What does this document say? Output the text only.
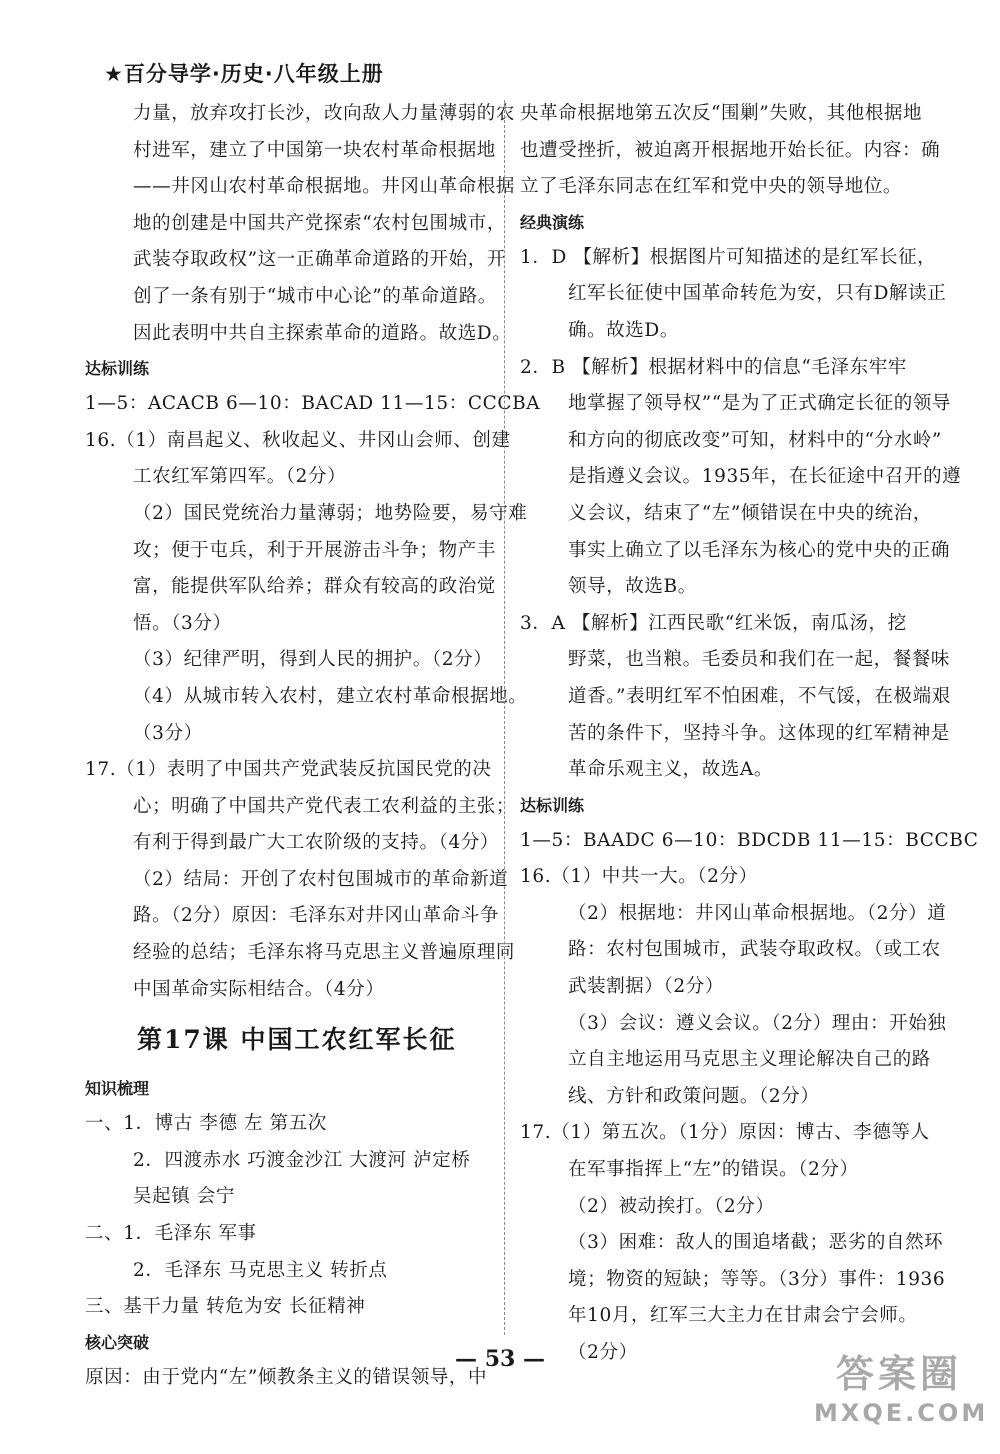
★百分导学·历史·八年级上册
力量，放弃攻打长沙，改向敌人力量薄弱的农
村进军，建立了中国第一块农村革命根据地
——井冈山农村革命根据地。井冈山革命根据
地的创建是中国共产党探索“农村包围城市，
武装夺取政权”这一正确革命道路的开始，开
创了一条有别于“城市中心论”的革命道路。
因此表明中共自主探索革命的道路。故选D。
达标训练
1—5：ACACB 6—10：BACAD 11—15：CCCBA
16.（1）南昌起义、秋收起义、井冈山会师、创建
工农红军第四军。（2分）
（2）国民党统治力量薄弱；地势险要，易守难
攻；便于屯兵，利于开展游击斗争；物产丰
富，能提供军队给养；群众有较高的政治觉
悟。（3分）
（3）纪律严明，得到人民的拥护。（2分）
（4）从城市转入农村，建立农村革命根据地。
（3分）
17.（1）表明了中国共产党武装反抗国民党的决
心；明确了中国共产党代表工农利益的主张；
有利于得到最广大工农阶级的支持。（4分）
（2）结局：开创了农村包围城市的革命新道
路。（2分）原因：毛泽东对井冈山革命斗争
经验的总结；毛泽东将马克思主义普遍原理同
中国革命实际相结合。（4分）
第17课 中国工农红军长征
知识梳理
一、1．博古 李德 左 第五次
2．四渡赤水 巧渡金沙江 大渡河 泸定桥
吴起镇 会宁
二、1．毛泽东 军事
2．毛泽东 马克思主义 转折点
三、基干力量 转危为安 长征精神
核心突破
原因：由于党内“左”倾教条主义的错误领导，中
央革命根据地第五次反“围剿”失败，其他根据地
也遭受挫折，被迫离开根据地开始长征。内容：确
立了毛泽东同志在红军和党中央的领导地位。
经典演练
1．D 【解析】根据图片可知描述的是红军长征，
红军长征使中国革命转危为安，只有D解读正
确。故选D。
2．B 【解析】根据材料中的信息“毛泽东牢牢
地掌握了领导权”“是为了正式确定长征的领导
和方向的彻底改变”可知，材料中的“分水岭”
是指遵义会议。1935年，在长征途中召开的遵
义会议，结束了“左”倾错误在中央的统治，
事实上确立了以毛泽东为核心的党中央的正确
领导，故选B。
3．A 【解析】江西民歌“红米饭，南瓜汤，挖
野菜，也当粮。毛委员和我们在一起，餐餐味
道香。”表明红军不怕困难，不气馁，在极端艰
苦的条件下，坚持斗争。这体现的红军精神是
革命乐观主义，故选A。
达标训练
1—5：BAADC 6—10：BDCDB 11—15：BCCBC
16.（1）中共一大。（2分）
（2）根据地：井冈山革命根据地。（2分）道
路：农村包围城市，武装夺取政权。（或工农
武装割据）（2分）
（3）会议：遵义会议。（2分）理由：开始独
立自主地运用马克思主义理论解决自己的路
线、方针和政策问题。（2分）
17.（1）第五次。（1分）原因：博古、李德等人
在军事指挥上“左”的错误。（2分）
（2）被动挨打。（2分）
（3）困难：敌人的围追堵截；恶劣的自然环
境；物资的短缺；等等。（3分）事件：1936
年10月，红军三大主力在甘肃会宁会师。
（2分）
— 53 —	答案圈
MXQE.COM
